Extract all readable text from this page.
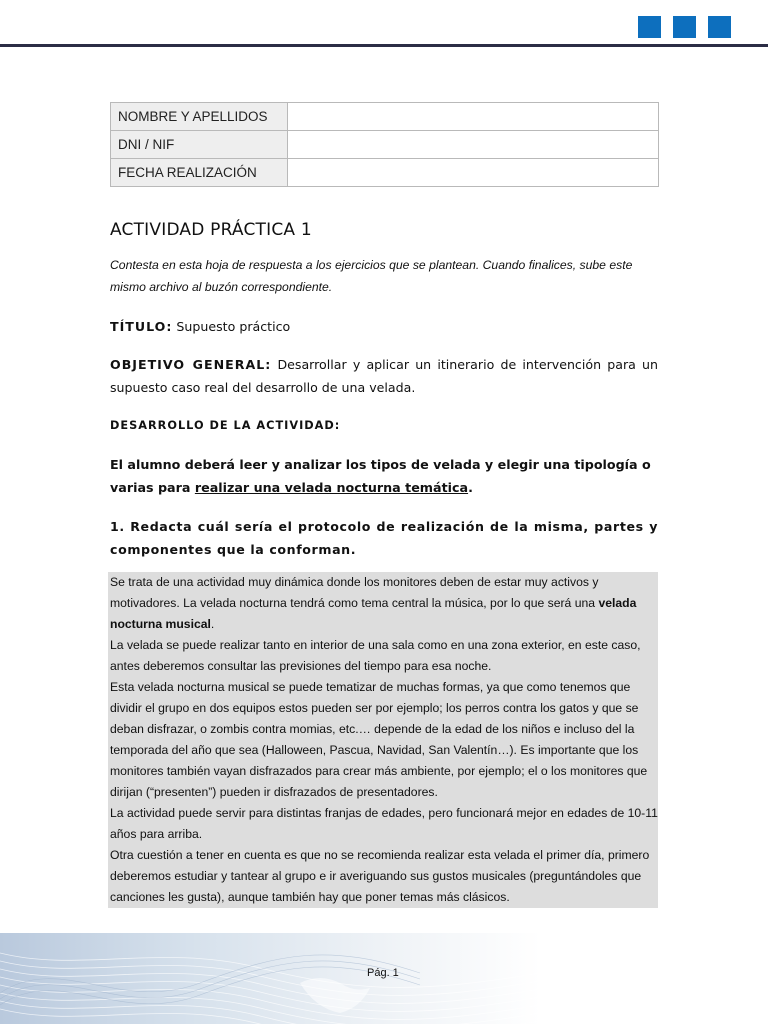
NOMBRE Y APELLIDOS	
DNI / NIF	
FECHA REALIZACIÓN	
ACTIVIDAD PRÁCTICA 1

Contesta en esta hoja de respuesta a los ejercicios que se plantean. Cuando finalices, sube este mismo archivo al buzón correspondiente.

TÍTULO: Supuesto práctico

OBJETIVO GENERAL: Desarrollar y aplicar un itinerario de intervención para un supuesto caso real del desarrollo de una velada.

DESARROLLO DE LA ACTIVIDAD:

El alumno deberá leer y analizar los tipos de velada y elegir una tipología o varias para realizar una velada nocturna temática.

1. Redacta cuál sería el protocolo de realización de la misma, partes y componentes que la conforman.

Se trata de una actividad muy dinámica donde los monitores deben de estar muy activos y motivadores. La velada nocturna tendrá como tema central la música, por lo que será una velada nocturna musical.

La velada se puede realizar tanto en interior de una sala como en una zona exterior, en este caso, antes deberemos consultar las previsiones del tiempo para esa noche.

Esta velada nocturna musical se puede tematizar de muchas formas, ya que como tenemos que dividir el grupo en dos equipos estos pueden ser por ejemplo; los perros contra los gatos y que se deban disfrazar, o zombis contra momias, etc.… depende de la edad de los niños e incluso del la temporada del año que sea (Halloween, Pascua, Navidad, San Valentín…). Es importante que los monitores también vayan disfrazados para crear más ambiente, por ejemplo; el o los monitores que dirijan (“presenten”) pueden ir disfrazados de presentadores.

La actividad puede servir para distintas franjas de edades, pero funcionará mejor en edades de 10-11 años para arriba.

Otra cuestión a tener en cuenta es que no se recomienda realizar esta velada el primer día, primero deberemos estudiar y tantear al grupo e ir averiguando sus gustos musicales (preguntándoles que canciones les gusta), aunque también hay que poner temas más clásicos.

Pág. 1
